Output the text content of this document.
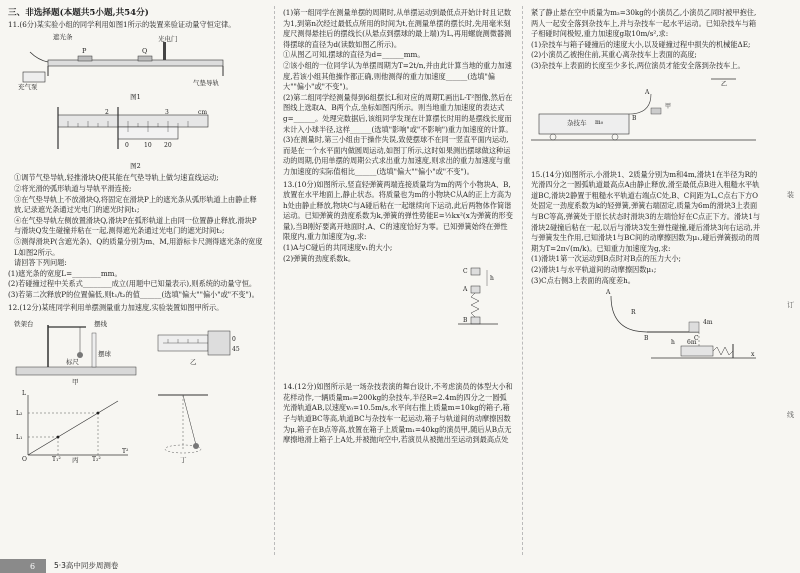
三、非选择题(本题共5小题,共54分)

11.(6分)某实验小组的同学利用如图1所示的装置来验证动量守恒定律。

遮光条	光电门
Q
P
充气泵	气垫导轨
图1
2	3	cm
0	10 20
图2

①调节气垫导轨,轻推滑块Q使其能在气垫导轨上做匀速直线运动;

②将光滑的弧形轨道与导轨平滑连接;

③在气垫导轨上不放滑块Q,将固定在滑块P上的遮光条从弧形轨道上由静止释放,记录遮光条通过光电门的遮光时间t₁;

④在气垫导轨左侧放置滑块Q,滑块P在弧形轨道上由同一位置静止释放,滑块P与滑块Q发生碰撞并粘在一起,测得遮光条通过光电门的遮光时间t₂;

⑤测得滑块P(含遮光条)、Q的质量分别为m、M,用游标卡尺测得遮光条的宽度L如图2所示。

请回答下列问题:

(1)遮光条的宽度L=________mm。

(2)若碰撞过程中关系式________成立(用题中已知量表示),则系统的动量守恒。

(3)若第二次释放P的位置偏低,则t₁/t₂的值______(选填"偏大""偏小"或"不变")。

12.(12分)某班同学利用单摆测量重力加速度,实验装置如图甲所示。

铁架台	摆线
摆球
标尺
甲
0
45
乙
L
L₂
L₁
O	T₁²	T₂²
T²
丙	丁

(1)第一组同学在测量单摆的周期时,从单摆运动到最低点开始计时且记数为1,到第n次经过最低点所用的时间为t,在测量单摆的摆长时,先用毫米刻度尺测得悬挂后的摆线长(从悬点到摆球的最上端)为L,再用螺旋测微器测得摆球的直径为d(读数如图乙所示)。

①从图乙可知,摆球的直径为d=______mm。

②该小组的一位同学认为单摆周期为T=2t/n,并由此计算当地的重力加速度,若该小组其他操作都正确,则他测得的重力加速度______(选填"偏大""偏小"或"不变")。

(2)第二组同学经测量得到6组摆长L和对应的周期T,画出L-T²图像,然后在图线上选取A、B两个点,坐标如图丙所示。则当地重力加速度的表达式g=______。处理完数据后,该组同学发现在计算摆长时用的是摆线长度而未计入小球半径,这样______(选填"影响"或"不影响")重力加速度的计算。

(3)在测量时,第三小组由于操作失误,致使摆球不在同一竖直平面内运动,而是在一个水平面内做圆周运动,如图丁所示,这时如果测出摆球做这种运动的周期,仍用单摆的周期公式求出重力加速度,则求出的重力加速度与重力加速度的实际值相比______(选填"偏大""偏小"或"不变")。

13.(10分)如图所示,竖直轻弹簧两端连接质量均为m的两个小物块A、B,放置在水平地面上,静止状态。将质量也为m的小物块C从A的正上方高为h处由静止释放,物块C与A碰后粘在一起继续向下运动,此后两物体作简谐运动。已知弹簧的劲度系数为k,弹簧的弹性势能E=½kx²(x为弹簧的形变量),当B刚好要离开地面时,A、C的速度恰好为零。已知弹簧始终在弹性限度内,重力加速度为g,求:

(1)A与C碰后的共同速度v₁的大小;

(2)弹簧的劲度系数k。

C
h
A
B

14.(12分)如图所示是一场杂技表演的舞台设计,不考虑演员的体型大小和花样动作,一辆质量m₀=200kg的杂技车,半径R=2.4m的四分之一圆弧光滑轨道AB,以速度v₀=10.5m/s,水平向右推上质量m=10kg的箱子,箱子与轨道BC等高,轨道BC与杂技车一起运动,箱子与轨道间的动摩擦因数为μ,箱子在B点等高,放置在箱子上质量m₁=40kg的演员甲,随后从B点无摩擦地滑上箱子上A处,并被抛向空中,若演员从被抛出至运动到最高点处

紧了静止悬在空中质量为m₂=30kg的小演员乙,小演员乙同时被甲抱住,两人一起安全落到杂技车上,并与杂技车一起水平运动。已知杂技车与箱子相碰时间极短,重力加速度g取10m/s²,求:

(1)杂技车与箱子碰撞后的速度大小,以及碰撞过程中损失的机械能ΔE;

(2)小演员乙被抱住前,其重心离杂技车上表面的高度;

(3)杂技车上表面的长度至少多长,两位演员才能安全落到杂技车上。

乙
甲
杂技车
A
B
m₀

15.(14分)如图所示,小滑块1、2质量分别为m和4m,滑块1在半径为R的光滑四分之一圆弧轨道最高点A由静止释放,滑至最低点B进入粗糙水平轨道BC,滑块2静置于粗糙水平轨道右端点C处,B、C间距为L,C点右下方O处固定一劲度系数为k的轻弹簧,弹簧右端固定,质量为6m的滑块3上表面与BC等高,弹簧处于原长状态时滑块3的左端恰好在C点正下方。滑块1与滑块2碰撞后粘在一起,以后与滑块3发生弹性碰撞,碰后滑块3向右运动,并与弹簧发生作用,已知滑块1与BC间的动摩擦因数为μ₁,碰后弹簧振动的周期为T=2π√(m/k)。已知重力加速度为g,求:

(1)滑块1第一次运动到B点时对B点的压力大小;

(2)滑块1与水平轨道间的动摩擦因数μ₁;

(3)C点右侧3上表面的高度差h。

A
R
B	C
4m
h 6m
x
装
订
线
6	5·3高中同步周测卷
